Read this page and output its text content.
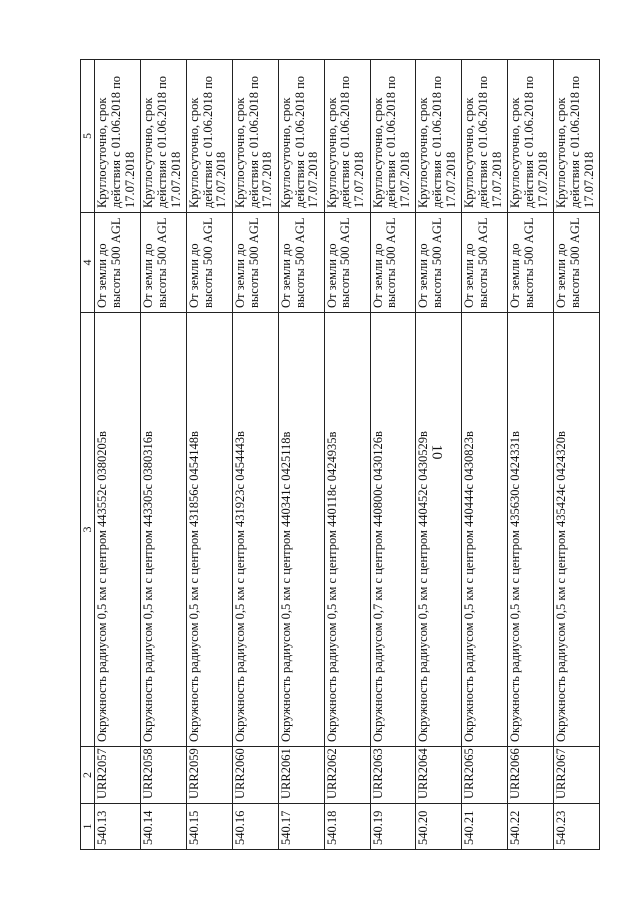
10
1	2	3	4	5
540.13	URR2057	Окружность радиусом 0,5 км с центром 443552с 0380205в	От земли до высоты 500 AGL	Круглосуточно, срок действия с 01.06.2018 по 17.07.2018
540.14	URR2058	Окружность радиусом 0,5 км с центром 443305с 0380316в	От земли до высоты 500 AGL	Круглосуточно, срок действия с 01.06.2018 по 17.07.2018
540.15	URR2059	Окружность радиусом 0,5 км с центром 431856с 0454148в	От земли до высоты 500 AGL	Круглосуточно, срок действия с 01.06.2018 по 17.07.2018
540.16	URR2060	Окружность радиусом 0,5 км с центром 431923с 0454443в	От земли до высоты 500 AGL	Круглосуточно, срок действия с 01.06.2018 по 17.07.2018
540.17	URR2061	Окружность радиусом 0,5 км с центром 440341с 0425118в	От земли до высоты 500 AGL	Круглосуточно, срок действия с 01.06.2018 по 17.07.2018
540.18	URR2062	Окружность радиусом 0,5 км с центром 440118с 0424935в	От земли до высоты 500 AGL	Круглосуточно, срок действия с 01.06.2018 по 17.07.2018
540.19	URR2063	Окружность радиусом 0,7 км с центром 440800с 0430126в	От земли до высоты 500 AGL	Круглосуточно, срок действия с 01.06.2018 по 17.07.2018
540.20	URR2064	Окружность радиусом 0,5 км с центром 440452с 0430529в	От земли до высоты 500 AGL	Круглосуточно, срок действия с 01.06.2018 по 17.07.2018
540.21	URR2065	Окружность радиусом 0,5 км с центром 440444с 0430823в	От земли до высоты 500 AGL	Круглосуточно, срок действия с 01.06.2018 по 17.07.2018
540.22	URR2066	Окружность радиусом 0,5 км с центром 435630с 0424331в	От земли до высоты 500 AGL	Круглосуточно, срок действия с 01.06.2018 по 17.07.2018
540.23	URR2067	Окружность радиусом 0,5 км с центром 435424с 0424320в	От земли до высоты 500 AGL	Круглосуточно, срок действия с 01.06.2018 по 17.07.2018
